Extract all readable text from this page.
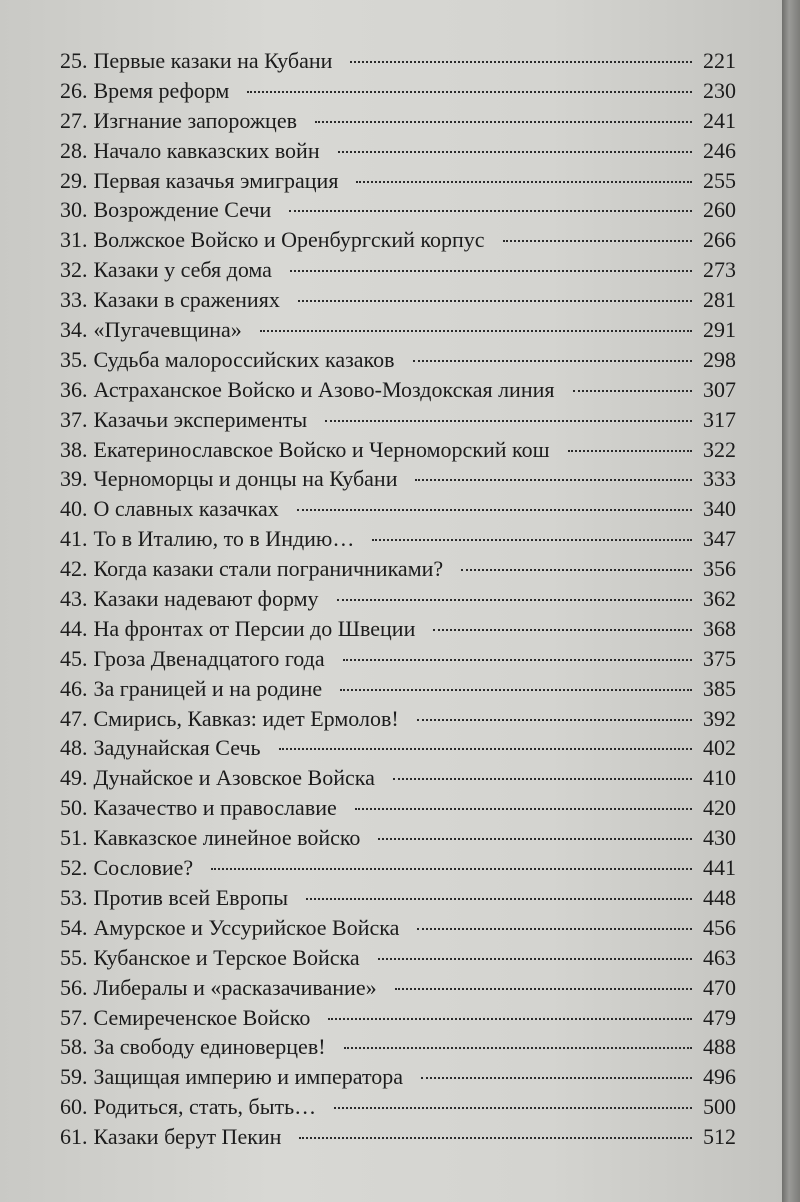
25. Первые казаки на Кубани	221
26. Время реформ	230
27. Изгнание запорожцев	241
28. Начало кавказских войн	246
29. Первая казачья эмиграция	255
30. Возрождение Сечи	260
31. Волжское Войско и Оренбургский корпус	266
32. Казаки у себя дома	273
33. Казаки в сражениях	281
34. «Пугачевщина»	291
35. Судьба малороссийских казаков	298
36. Астраханское Войско и Азово-Моздокская линия	307
37. Казачьи эксперименты	317
38. Екатеринославское Войско и Черноморский кош	322
39. Черноморцы и донцы на Кубани	333
40. О славных казачках	340
41. То в Италию, то в Индию…	347
42. Когда казаки стали пограничниками?	356
43. Казаки надевают форму	362
44. На фронтах от Персии до Швеции	368
45. Гроза Двенадцатого года	375
46. За границей и на родине	385
47. Смирись, Кавказ: идет Ермолов!	392
48. Задунайская Сечь	402
49. Дунайское и Азовское Войска	410
50. Казачество и православие	420
51. Кавказское линейное войско	430
52. Сословие?	441
53. Против всей Европы	448
54. Амурское и Уссурийское Войска	456
55. Кубанское и Терское Войска	463
56. Либералы и «расказачивание»	470
57. Семиреченское Войско	479
58. За свободу единоверцев!	488
59. Защищая империю и императора	496
60. Родиться, стать, быть…	500
61. Казаки берут Пекин	512
